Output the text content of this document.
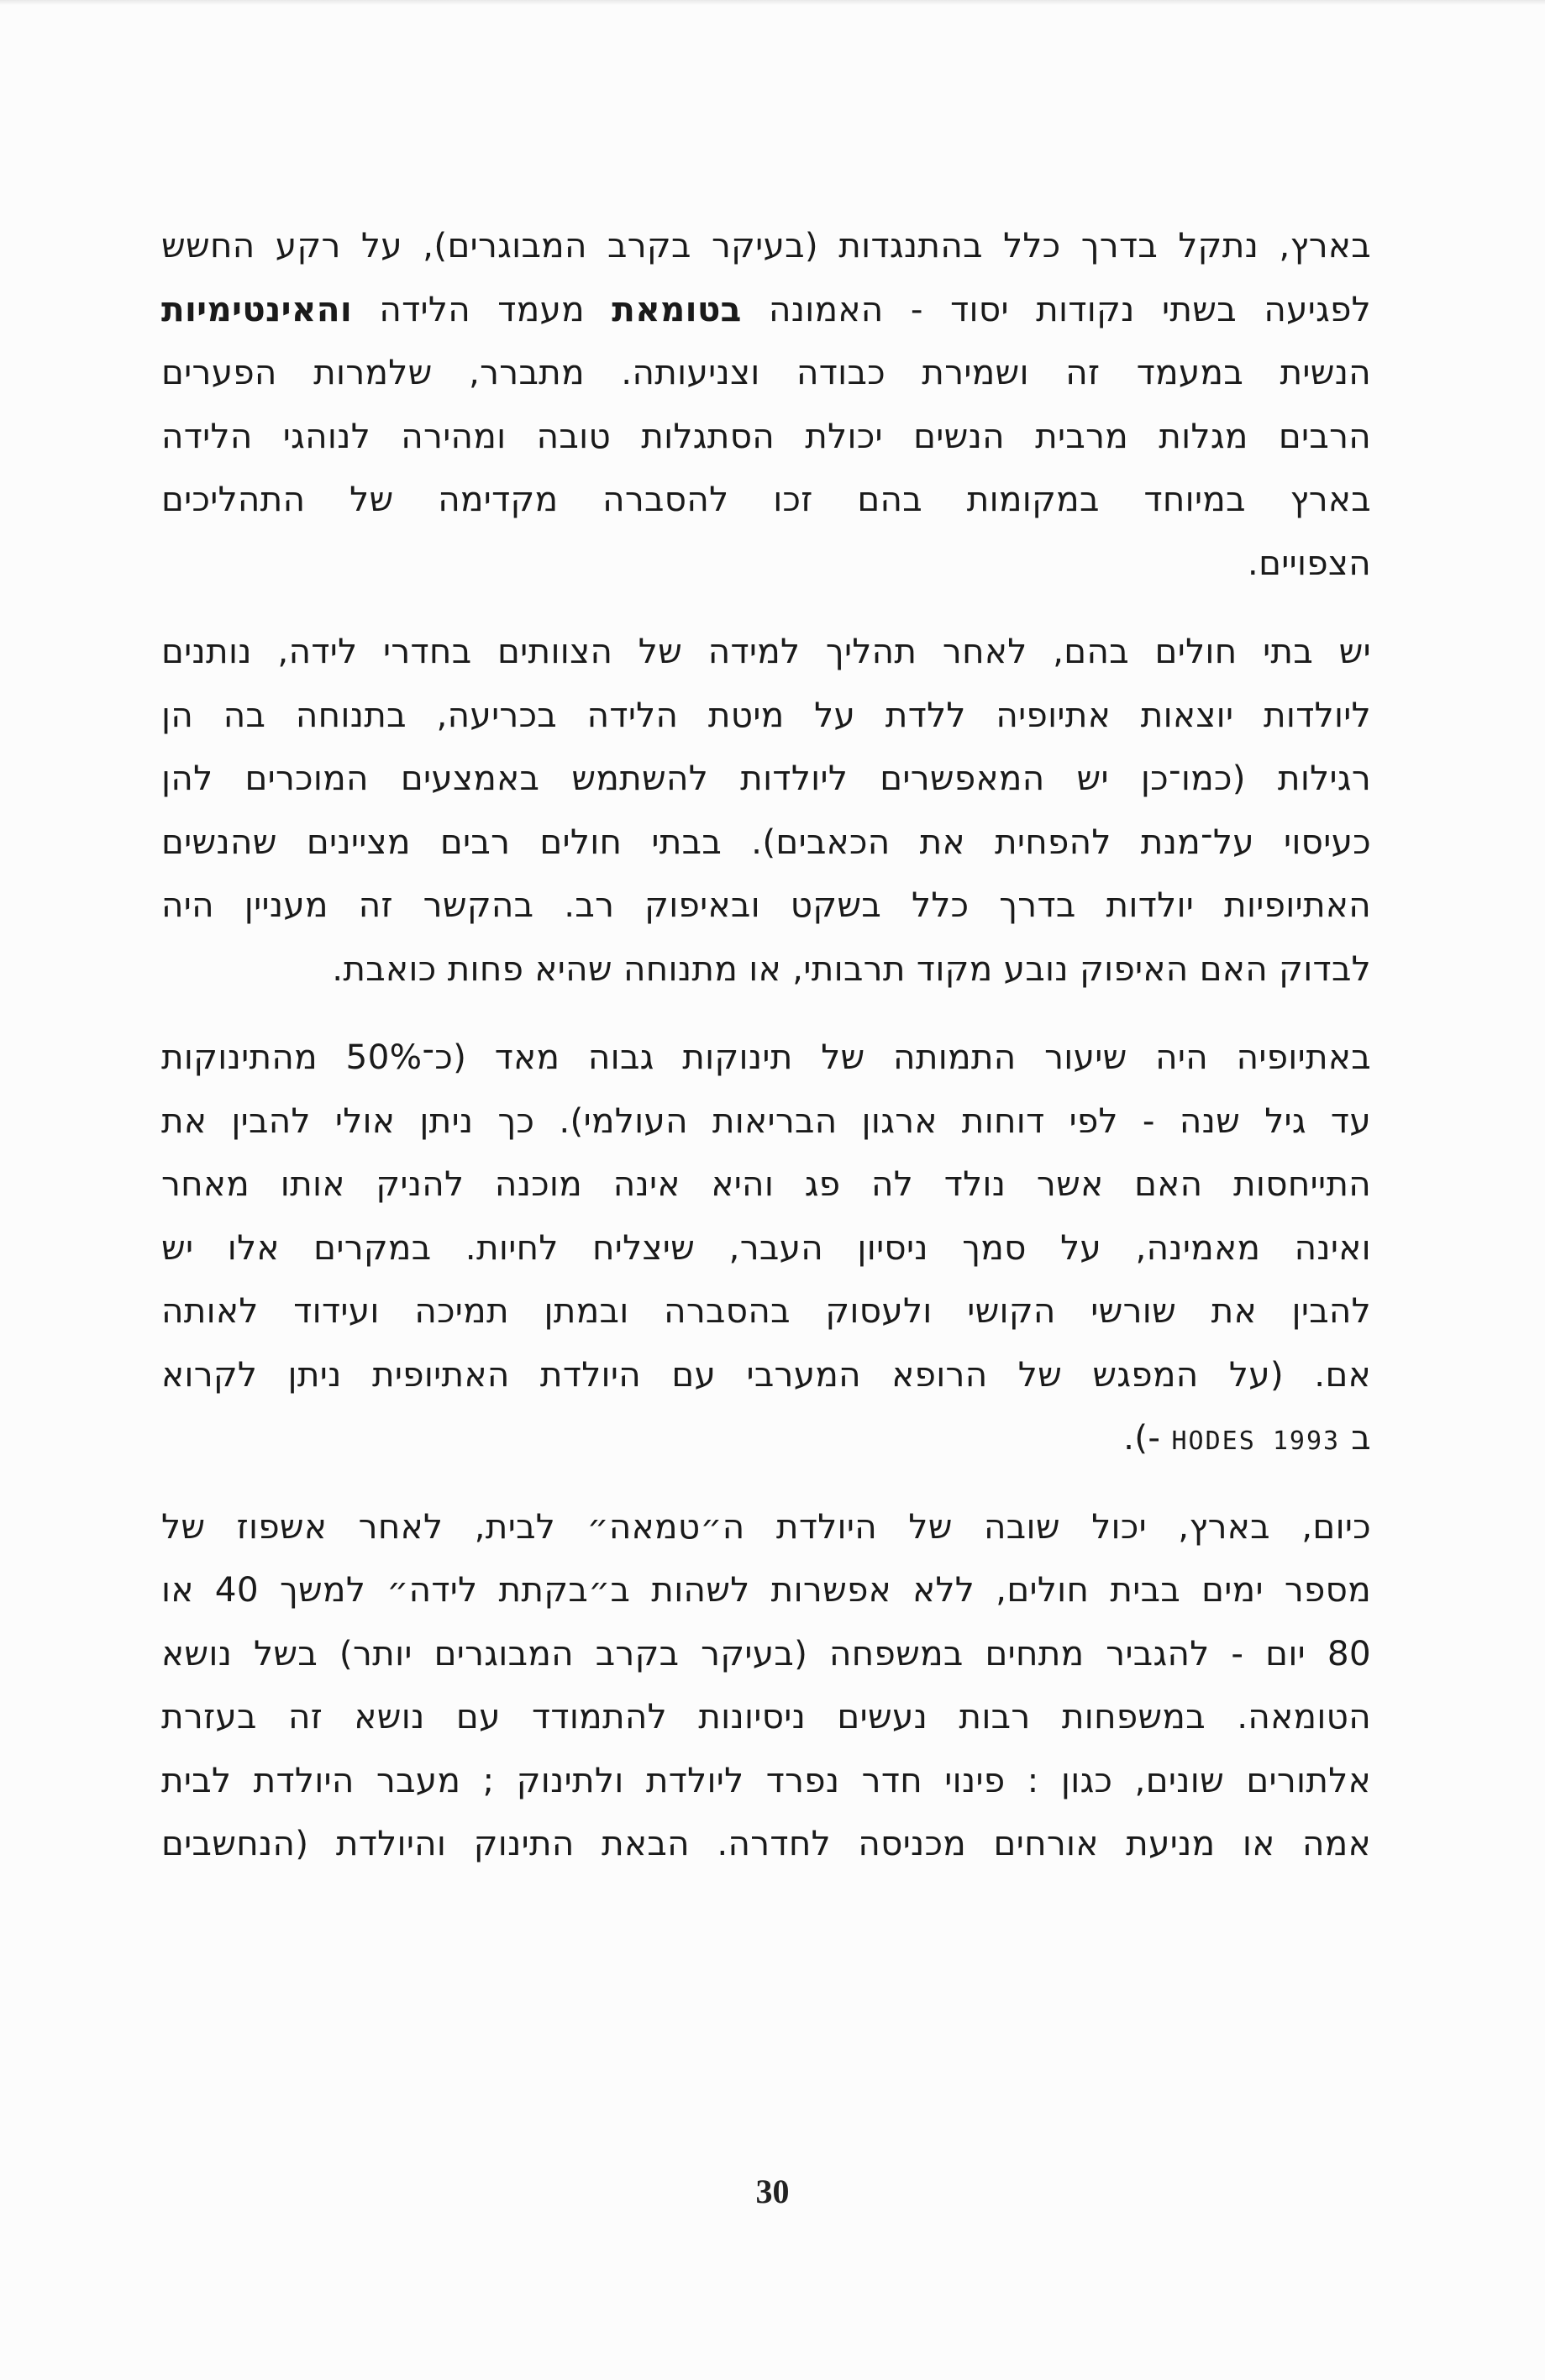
בארץ, נתקל בדרך כלל בהתנגדות (בעיקר בקרב המבוגרים), על רקע החשש
לפגיעה בשתי נקודות יסוד - האמונה בטומאת מעמד הלידה והאינטימיות
הנשית במעמד זה ושמירת כבודה וצניעותה. מתברר, שלמרות הפערים
הרבים מגלות מרבית הנשים יכולת הסתגלות טובה ומהירה לנוהגי הלידה
בארץ במיוחד במקומות בהם זכו להסברה מקדימה של התהליכים
הצפויים.
יש בתי חולים בהם, לאחר תהליך למידה של הצוותים בחדרי לידה, נותנים
ליולדות יוצאות אתיופיה ללדת על מיטת הלידה בכריעה, בתנוחה בה הן
רגילות (כמו־כן יש המאפשרים ליולדות להשתמש באמצעים המוכרים להן
כעיסוי על־מנת להפחית את הכאבים). בבתי חולים רבים מציינים שהנשים
האתיופיות יולדות בדרך כלל בשקט ובאיפוק רב. בהקשר זה מעניין היה
לבדוק האם האיפוק נובע מקוד תרבותי, או מתנוחה שהיא פחות כואבת.
באתיופיה היה שיעור התמותה של תינוקות גבוה מאד (כ־50% מהתינוקות
עד גיל שנה - לפי דוחות ארגון הבריאות העולמי). כך ניתן אולי להבין את
התייחסות האם אשר נולד לה פג והיא אינה מוכנה להניק אותו מאחר
ואינה מאמינה, על סמך ניסיון העבר, שיצליח לחיות. במקרים אלו יש
להבין את שורשי הקושי ולעסוק בהסברה ובמתן תמיכה ועידוד לאותה
אם. (על המפגש של הרופא המערבי עם היולדת האתיופית ניתן לקרוא
ב HODES 1993 -).
כיום, בארץ, יכול שובה של היולדת ה״טמאה״ לבית, לאחר אשפוז של
מספר ימים בבית חולים, ללא אפשרות לשהות ב״בקתת לידה״ למשך 40 או
80 יום - להגביר מתחים במשפחה (בעיקר בקרב המבוגרים יותר) בשל נושא
הטומאה. במשפחות רבות נעשים ניסיונות להתמודד עם נושא זה בעזרת
אלתורים שונים, כגון : פינוי חדר נפרד ליולדת ולתינוק ; מעבר היולדת לבית
אמה או מניעת אורחים מכניסה לחדרה. הבאת התינוק והיולדת (הנחשבים
30
